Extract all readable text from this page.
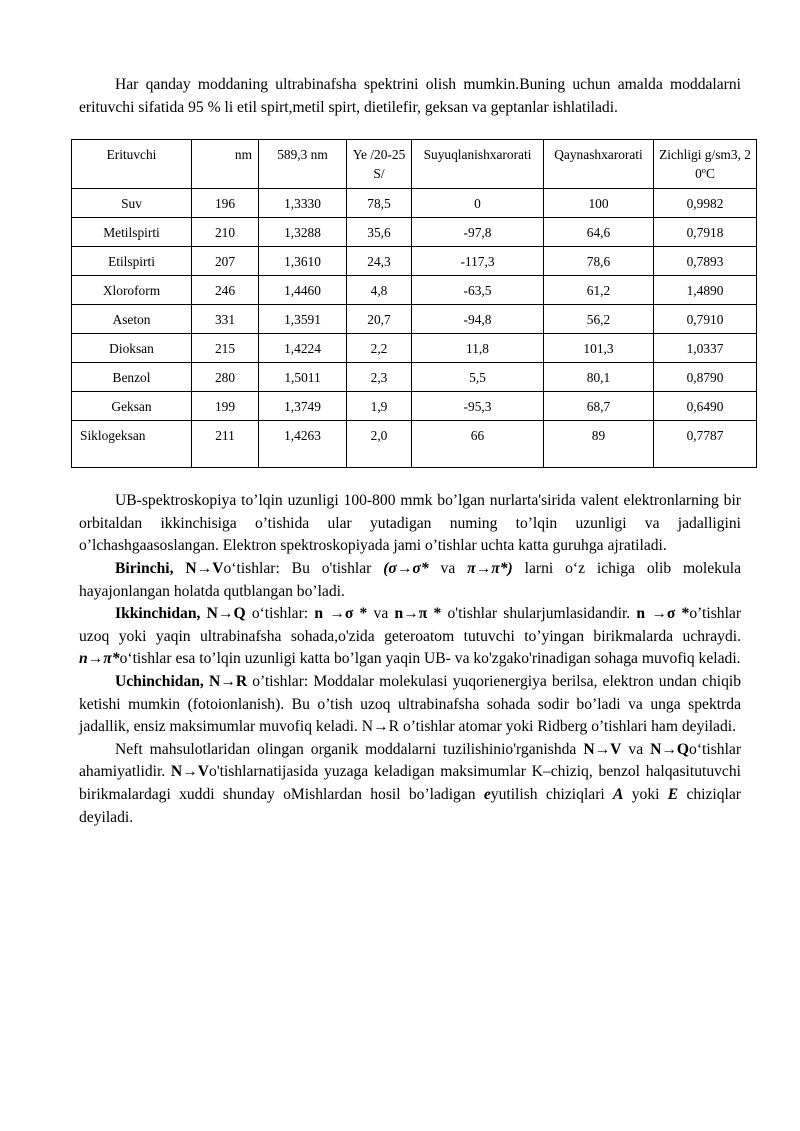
Har qanday moddaning ultrabinafsha spektrini olish mumkin.Buning uchun amalda moddalarni erituvchi sifatida 95 % li etil spirt,metil spirt, dietilefir, geksan va geptanlar ishlatiladi.

Erituvchi	nm	589,3 nm	Ye /20-25S/	Suyuqlanishxaroratі	Qaynashxarorati	Zichligi g/sm3, 20ºC
Suv	196	1,3330	78,5	0	100	0,9982
Metilspirti	210	1,3288	35,6	-97,8	64,6	0,7918
Etilspirti	207	1,3610	24,3	-117,3	78,6	0,7893
Xloroform	246	1,4460	4,8	-63,5	61,2	1,4890
Aseton	331	1,3591	20,7	-94,8	56,2	0,7910
Dioksan	215	1,4224	2,2	11,8	101,3	1,0337
Benzol	280	1,5011	2,3	5,5	80,1	0,8790
Geksan	199	1,3749	1,9	-95,3	68,7	0,6490
Siklogeksan	211	1,4263	2,0	66	89	0,7787

UB-spektroskopiya to’lqin uzunligi 100-800 mmk bo’lgan nurlarta'sirida valent elektronlarning bir orbitaldan ikkinchisiga o’tishida ular yutadigan numing to’lqin uzunligi va jadalligini o’lchashgaasoslangan. Elektron spektroskopiyada jami o’tishlar uchta katta guruhga ajratiladi.

Birinchi, N→Vo‘tishlar: Bu o'tishlar (σ→σ* va π→π*) larni o‘z ichiga olib molekula hayajonlangan holatda qutblangan bo’ladi.

Ikkinchidan, N→Q o‘tishlar: n →σ * va n→π * o'tishlar shularjumlasidandir. n →σ *o’tishlar uzoq yoki yaqin ultrabinafsha sohada,o'zida geteroatom tutuvchi to’yingan birikmalarda uchraydi. n→π*o‘tishlar esa to’lqin uzunligi katta bo’lgan yaqin UB- va ko'zgako'rinadigan sohaga muvofiq keladi.

Uchinchidan, N→R o’tishlar: Moddalar molekulasi yuqorienergiya berilsa, elektron undan chiqib ketishi mumkin (fotoionlanish). Bu o’tish uzoq ultrabinafsha sohada sodir bo’ladi va unga spektrda jadallik, ensiz maksimumlar muvofiq keladi. N→R o’tishlar atomar yoki Ridberg o’tishlari ham deyiladi.

Neft mahsulotlaridan olingan organik moddalarni tuzilishinio'rganishda N→V va N→Qo‘tishlar ahamiyatlidir. N→Vo'tishlarnatijasida yuzaga keladigan maksimumlar K–chiziq, benzol halqasitutuvchi birikmalardagi xuddi shunday oMishlardan hosil bo’ladigan eyutilish chiziqlari A yoki E chiziqlar deyiladi.
